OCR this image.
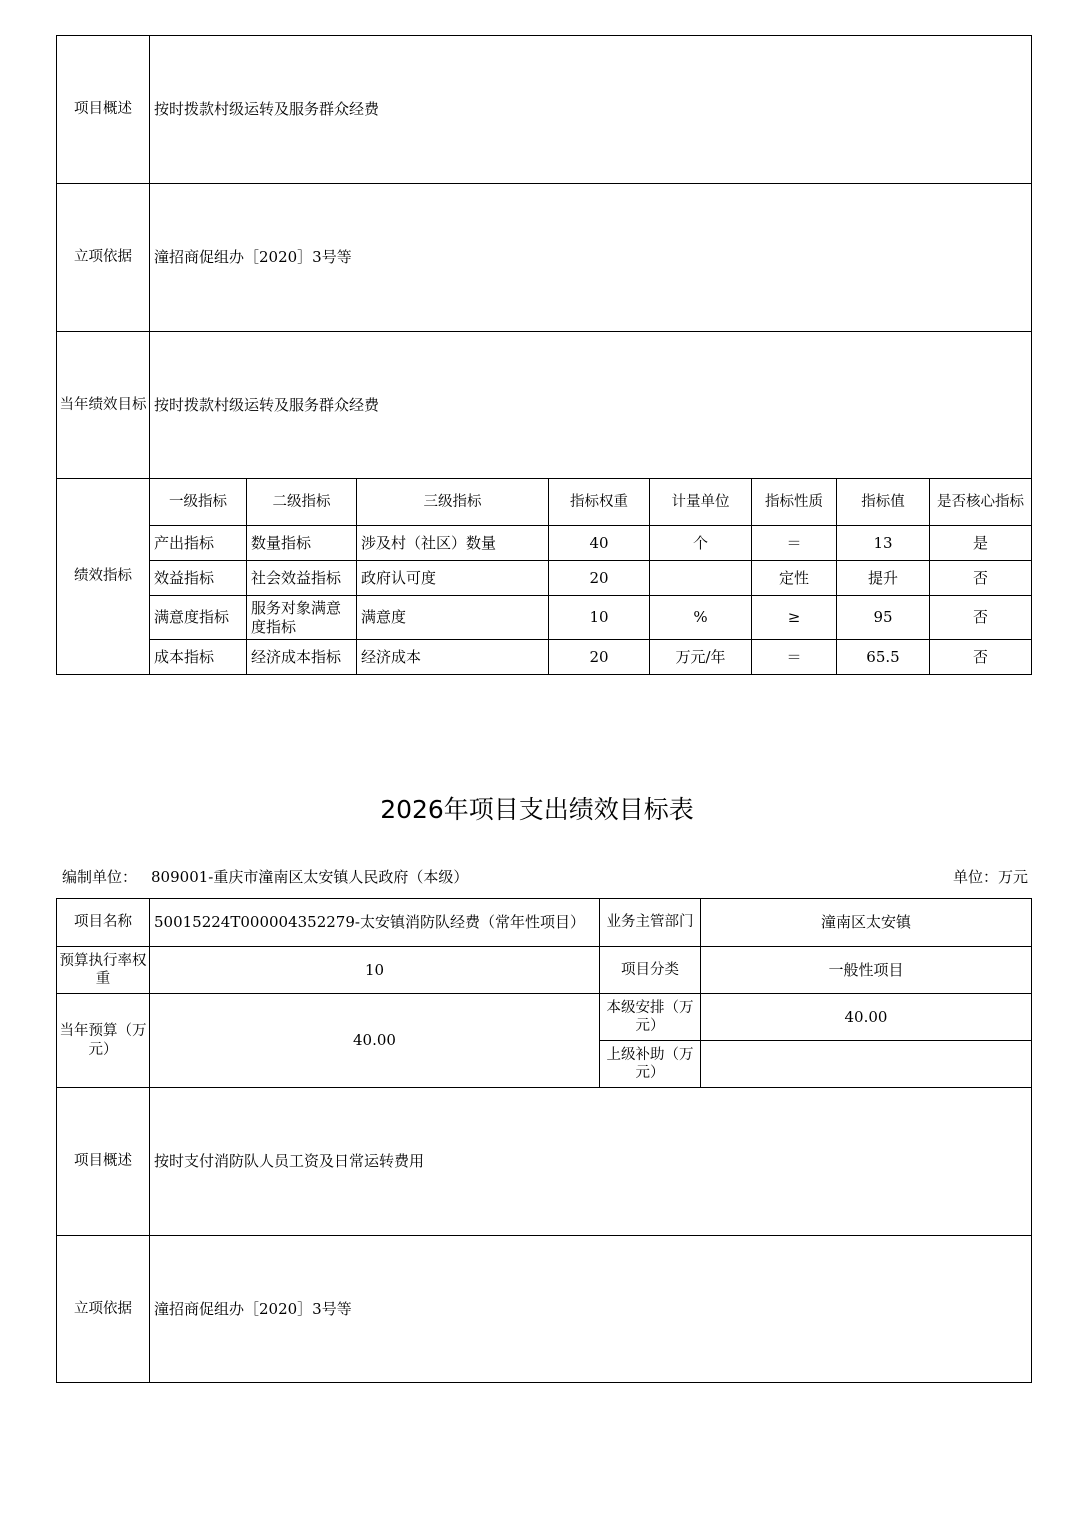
项目概述	按时拨款村级运转及服务群众经费							
立项依据	潼招商促组办［2020］3号等							
当年绩效目标	按时拨款村级运转及服务群众经费							
绩效指标	一级指标	二级指标	三级指标	指标权重	计量单位	指标性质	指标值	是否核心指标
	产出指标	数量指标	涉及村（社区）数量	40	个	＝	13	是
	效益指标	社会效益指标	政府认可度	20		定性	提升	否
	满意度指标	服务对象满意度指标	满意度	10	%	≥	95	否
	成本指标	经济成本指标	经济成本	20	万元/年	＝	65.5	否
2026年项目支出绩效目标表
编制单位： 809001-重庆市潼南区太安镇人民政府（本级）	单位：万元
项目名称	50015224T000004352279-太安镇消防队经费（常年性项目）	业务主管部门	潼南区太安镇
预算执行率权重	10	项目分类	一般性项目
当年预算（万元）	40.00	本级安排（万元）	40.00
		上级补助（万元）	
项目概述	按时支付消防队人员工资及日常运转费用		
立项依据	潼招商促组办［2020］3号等		
